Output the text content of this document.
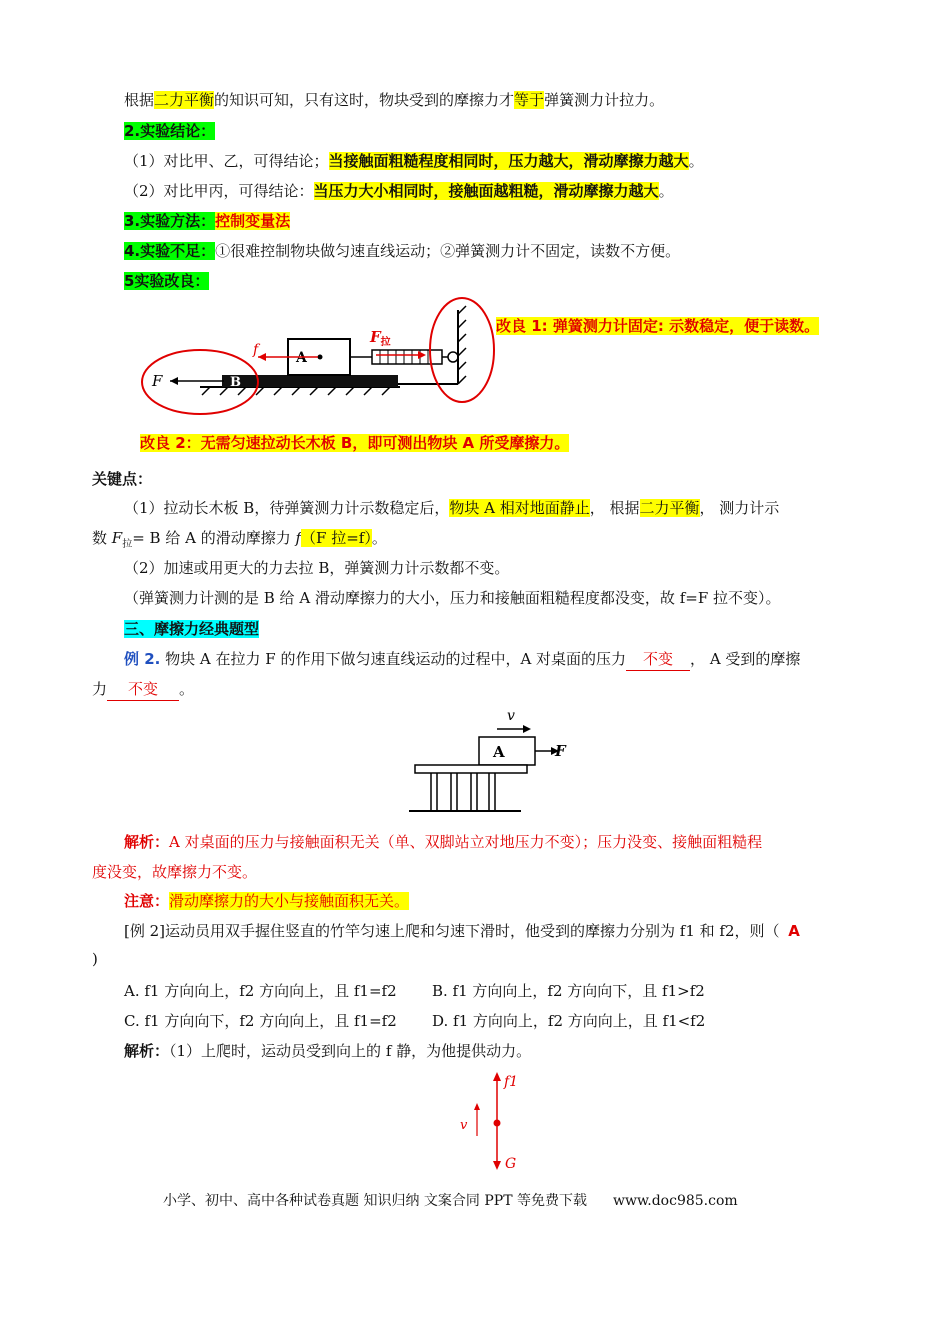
根据二力平衡的知识可知，只有这时，物块受到的摩擦力才等于弹簧测力计拉力。
2.实验结论：
（1）对比甲、乙，可得结论；当接触面粗糙程度相同时，压力越大，滑动摩擦力越大。
（2）对比甲丙，可得结论：当压力大小相同时，接触面越粗糙，滑动摩擦力越大。
3.实验方法：控制变量法
4.实验不足：①很难控制物块做匀速直线运动；②弹簧测力计不固定，读数不方便。
5实验改良：
B
A
f
F
$F_拉$
改良 1: 弹簧测力计固定: 示数稳定，便于读数。
改良 2：无需匀速拉动长木板 B，即可测出物块 A 所受摩擦力。
关键点：
（1）拉动长木板 B，待弹簧测力计示数稳定后，物块 A 相对地面静止， 根据二力平衡， 测力计示
数 $F_拉= B$ 给 A 的滑动摩擦力 f（F 拉=f）。
（2）加速或用更大的力去拉 B，弹簧测力计示数都不变。
（弹簧测力计测的是 B 给 A 滑动摩擦力的大小，压力和接触面粗糙程度都没变，故 f=F 拉不变）。
三、摩擦力经典题型
例 2. 物块 A 在拉力 F 的作用下做匀速直线运动的过程中，A 对桌面的压力 不变 ， A 受到的摩擦
力 不变 。
v
A	F
解析：A 对桌面的压力与接触面积无关（单、双脚站立对地压力不变）；压力没变、接触面粗糙程
度没变，故摩擦力不变。
注意：滑动摩擦力的大小与接触面积无关。
[例 2]运动员用双手握住竖直的竹竿匀速上爬和匀速下滑时，他受到的摩擦力分别为 f1 和 f2，则（ A
)
A. f1 方向向上，f2 方向向上，且 f1=f2	B. f1 方向向上，f2 方向向下，且 f1>f2
C. f1 方向向下，f2 方向向上，且 f1=f2	D. f1 方向向上，f2 方向向上，且 f1<f2
解析：（1）上爬时，运动员受到向上的 f 静，为他提供动力。
f1
G
v
小学、初中、高中各种试卷真题 知识归纳 文案合同 PPT 等免费下载 www.doc985.com
